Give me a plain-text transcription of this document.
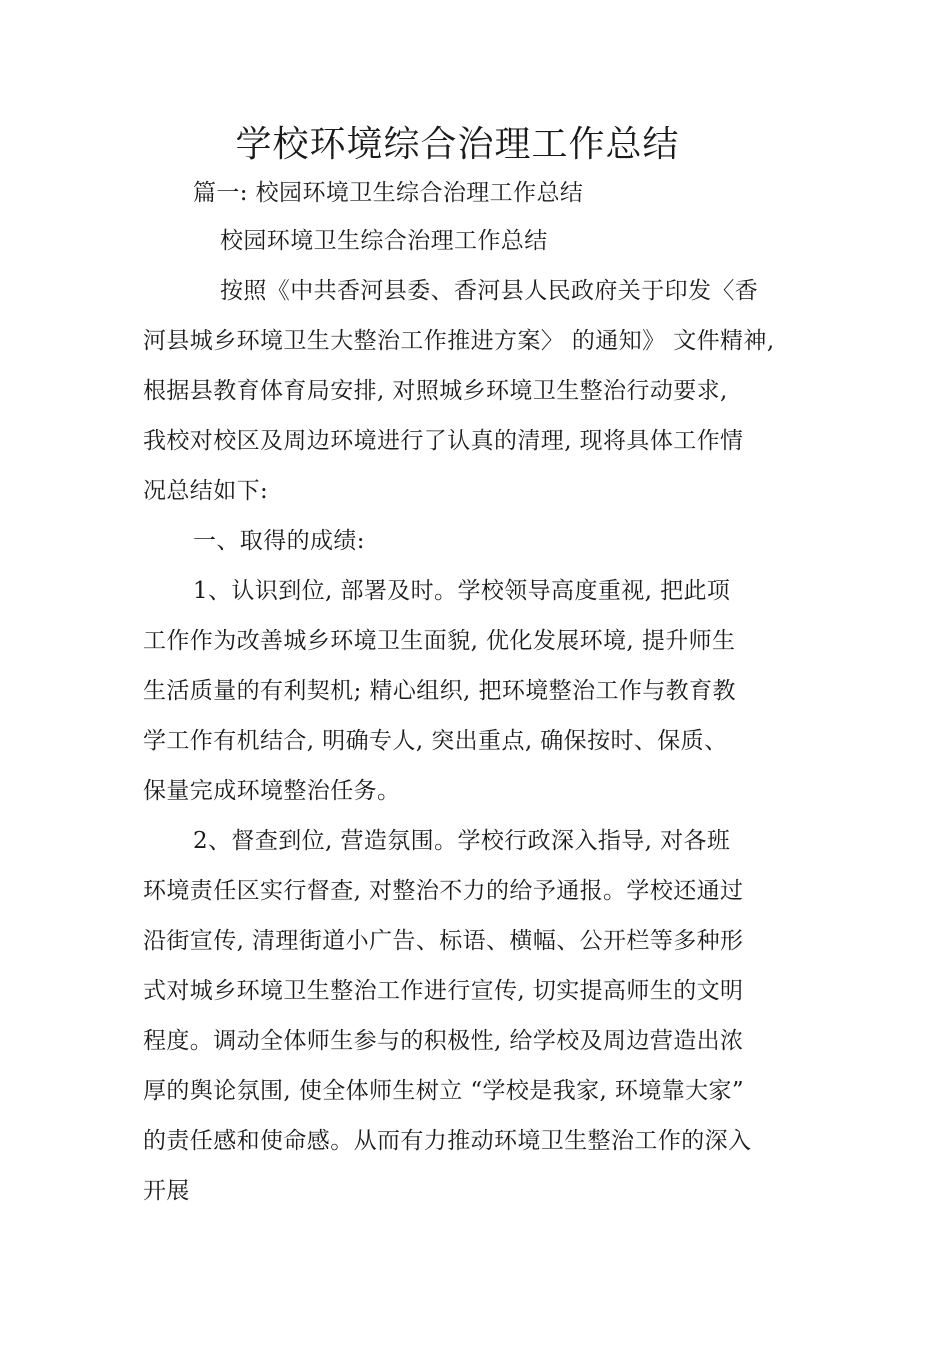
学校环境综合治理工作总结

篇一: 校园环境卫生综合治理工作总结

校园环境卫生综合治理工作总结

按照《中共香河县委、香河县人民政府关于印发〈香

河县城乡环境卫生大整治工作推进方案〉 的通知》 文件精神,

根据县教育体育局安排, 对照城乡环境卫生整治行动要求,

我校对校区及周边环境进行了认真的清理, 现将具体工作情

况总结如下:

一、取得的成绩:

1、认识到位, 部署及时。学校领导高度重视, 把此项

工作作为改善城乡环境卫生面貌, 优化发展环境, 提升师生

生活质量的有利契机; 精心组织, 把环境整治工作与教育教

学工作有机结合, 明确专人, 突出重点, 确保按时、保质、

保量完成环境整治任务。

2、督查到位, 营造氛围。学校行政深入指导, 对各班

环境责任区实行督查, 对整治不力的给予通报。学校还通过

沿街宣传, 清理街道小广告、标语、横幅、公开栏等多种形

式对城乡环境卫生整治工作进行宣传, 切实提高师生的文明

程度。调动全体师生参与的积极性, 给学校及周边营造出浓

厚的舆论氛围, 使全体师生树立 “学校是我家, 环境靠大家”

的责任感和使命感。从而有力推动环境卫生整治工作的深入

开展
